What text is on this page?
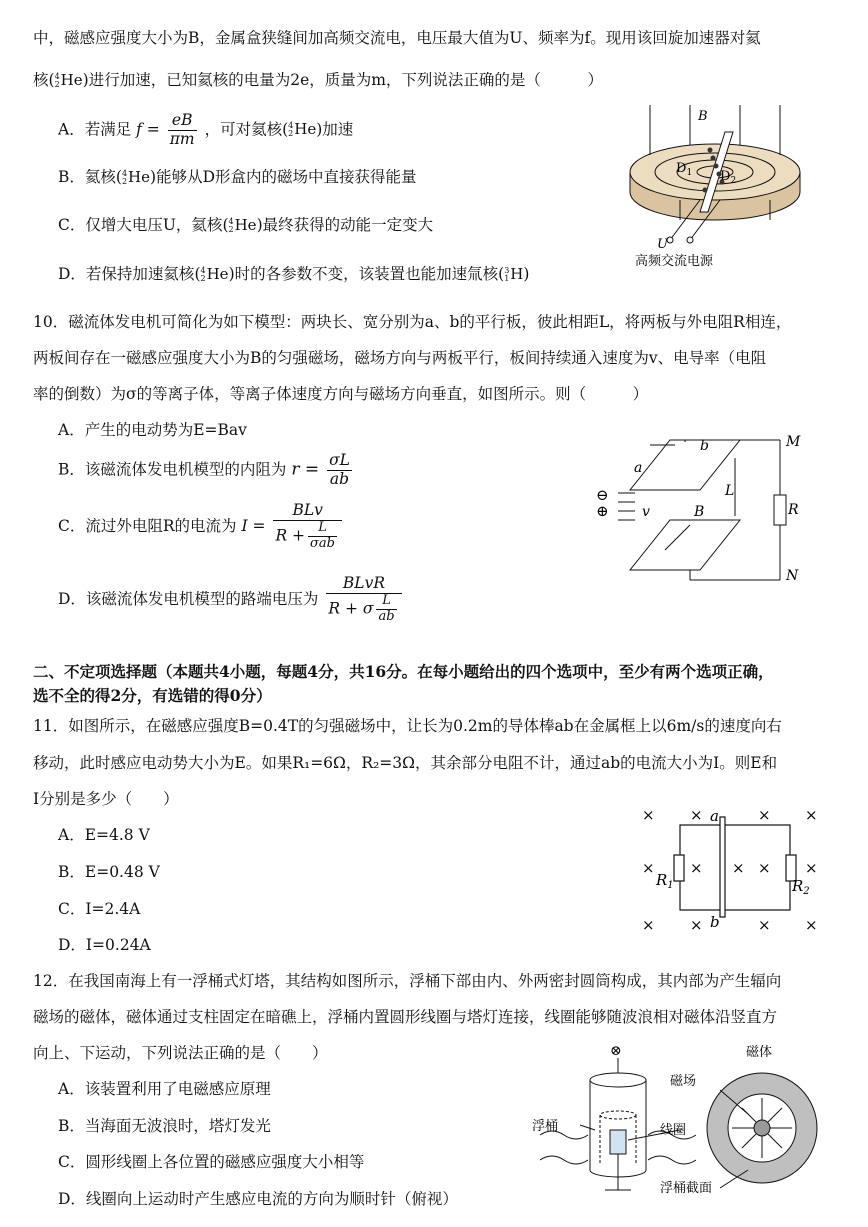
中，磁感应强度大小为B，金属盒狭缝间加高频交流电，电压最大值为U、频率为f。现用该回旋加速器对氦
核(4
2He)进行加速，已知氦核的电量为2e，质量为m，下列说法正确的是（　　　）
A．若满足 $f = \frac{eB}{\pi m}$ ，可对氦核(4
2He)加速
B．氦核(4
2He)能够从D形盒内的磁场中直接获得能量
C．仅增大电压U，氦核(4
2He)最终获得的动能一定变大
D．若保持加速氦核(4
2He)时的各参数不变，该装置也能加速氚核(3
1H)
B
$D_1$ $D_2$
U
高频交流电源
10．磁流体发电机可简化为如下模型：两块长、宽分别为a、b的平行板，彼此相距L，将两板与外电阻R相连，
两板间存在一磁感应强度大小为B的匀强磁场，磁场方向与两板平行，板间持续通入速度为v、电导率（电阻
率的倒数）为σ的等离子体，等离子体速度方向与磁场方向垂直，如图所示。则（　　　）
A．产生的电动势为E=Bav
B．该磁流体发电机模型的内阻为 $r = \frac{\sigma L}{ab}$
C．流过外电阻R的电流为 $I = \frac{\text{BLv}}{R + \frac{L}{\text{σab}}}$
D．该磁流体发电机模型的路端电压为 $\frac{\text{BLvR}}{R + \sigma \frac{L}{ab}}$
b
a
M
L
R
v	B
N
⊖
⊕
二、不定项选择题（本题共4小题，每题4分，共16分。在每小题给出的四个选项中，至少有两个选项正确，
选不全的得2分，有选错的得0分）
11．如图所示，在磁感应强度B=0.4T的匀强磁场中，让长为0.2m的导体棒ab在金属框上以6m/s的速度向右
移动，此时感应电动势大小为E。如果R₁=6Ω，R₂=3Ω，其余部分电阻不计，通过ab的电流大小为I。则E和
I分别是多少（　　）
A．E=4.8 V
B．E=0.48 V
C．I=2.4A
D．I=0.24A
× ×	× ×
× × × × ×
× ×	× ×
a
b
$R_1$	$R_2$
12．在我国南海上有一浮桶式灯塔，其结构如图所示，浮桶下部由内、外两密封圆筒构成，其内部为产生辐向
磁场的磁体，磁体通过支柱固定在暗礁上，浮桶内置圆形线圈与塔灯连接，线圈能够随波浪相对磁体沿竖直方
向上、下运动，下列说法正确的是（　　）
A．该装置利用了电磁感应原理
B．当海面无波浪时，塔灯发光
C．圆形线圈上各位置的磁感应强度大小相等
D．线圈向上运动时产生感应电流的方向为顺时针（俯视）
⊗	磁体
磁场
浮桶	线圈
浮桶截面
